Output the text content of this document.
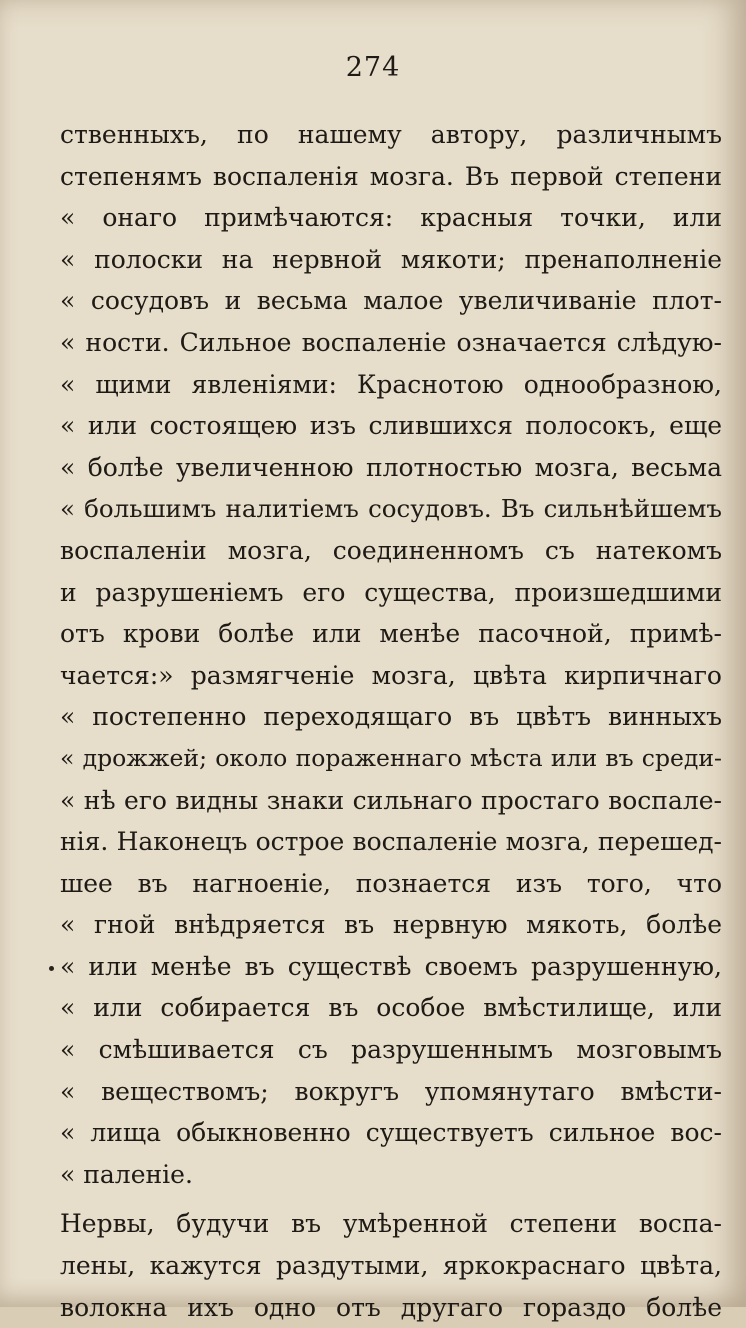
274
ственныхъ, по нашему автору, различнымъ
степенямъ воспаленія мозга. Въ первой степени
« онаго примѣчаются: красныя точки, или
« полоски на нервной мякоти; пренаполненіе
« сосудовъ и весьма малое увеличиваніе плот-
« ности. Сильное воспаленіе означается слѣдую-
« щими явленіями: Краснотою однообразною,
« или состоящею изъ слившихся полосокъ, еще
« болѣе увеличенною плотностью мозга, весьма
« большимъ налитіемъ сосудовъ. Въ сильнѣйшемъ
воспаленіи мозга, соединенномъ съ натекомъ
и разрушеніемъ его существа, произшедшими
отъ крови болѣе или менѣе пасочной, примѣ-
чается:» размягченіе мозга, цвѣта кирпичнаго
« постепенно переходящаго въ цвѣтъ винныхъ
« дрожжей; около пораженнаго мѣста или въ среди-
« нѣ его видны знаки сильнаго простаго воспале-
нія. Наконецъ острое воспаленіе мозга, перешед-
шее въ нагноеніе, познается изъ того, что
« гной внѣдряется въ нервную мякоть, болѣе
« или менѣе въ существѣ своемъ разрушенную,
« или собирается въ особое вмѣстилище, или
« смѣшивается съ разрушеннымъ мозговымъ
« веществомъ; вокругъ упомянутаго вмѣсти-
« лища обыкновенно существуетъ сильное вос-
« паленіе.
Нервы, будучи въ умѣренной степени воспа-
лены, кажутся раздутыми, яркокраснаго цвѣта,
волокна ихъ одно отъ другаго гораздо болѣе
